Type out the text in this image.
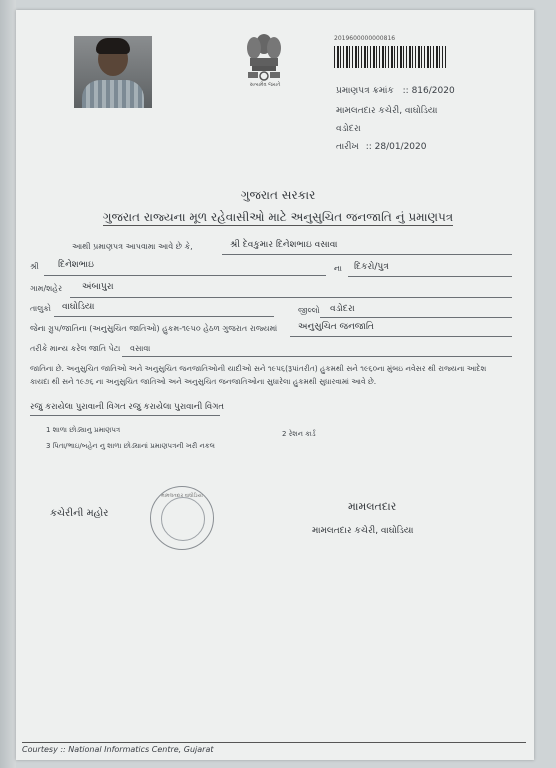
સત્યમેવ જયતે
2019600000000816
પ્રમાણપત્ર ક્રમાંક :: 816/2020
મામલતદાર કચેરી, વાઘોડિયા
વડોદરા
તારીખ :: 28/01/2020
ગુજરાત સરકાર
ગુજરાત રાજ્યના મૂળ રહેવાસીઓ માટે અનુસુચિત જનજાતિ નું પ્રમાણપત્ર
આથી પ્રમાણપત્ર આપવામા આવે છે કે,	શ્રી દેવકુમાર દિનેશભાઇ વસાવા
શ્રી દિનેશભાઇ	ના દિકરો/પુત્ર
ગામ/શહેર અંબાપુરા
તાલુકો વાઘોડિયા	જીલ્લો વડોદરા
જેના ગ્રુપ/જાતિના (અનુસુચિત જાતિઓ) હુકમ-૧૯૫૦ હેઠળ ગુજરાત રાજ્યમાં અનુસુચિત જનજાતિ
તરીકે માન્ય કરેલ જાતિ પેટા વસાવા
જાતિના છે. અનુસુચિત જાતિઓ અને અનુસુચિત જનજાતિઓની યાદીઓ સને ૧૯૫૬(રૂપાંતરીત) હુકમથી સને ૧૯૬૦ના મુંબઇ નવેસર થી રાજ્યના આદેશ કાયદા થી સને ૧૯૭૬ ના અનુસુચિત જાતિઓ અને અનુસુચિત જનજાતિઓના સુધારેલા હુકમથી સુધારવામાં આવે છે.
રજુ કરાયેલા પુરાવાની વિગત રજુ કરાયેલા પુરાવાની વિગત
1 શાળા છોડ્યાનુ પ્રમાણપત્ર	2 રેશન કાર્ડ
3 પિતા/ભાઇ/બહેન નુ શાળા છોડ્યાનાં પ્રમાણપત્રની ખરી નકલ
કચેરીની મહોર
મામલતદાર વાઘોડિયા
મામલતદાર
મામલતદાર કચેરી, વાઘોડિયા
Courtesy :: National Informatics Centre, Gujarat
